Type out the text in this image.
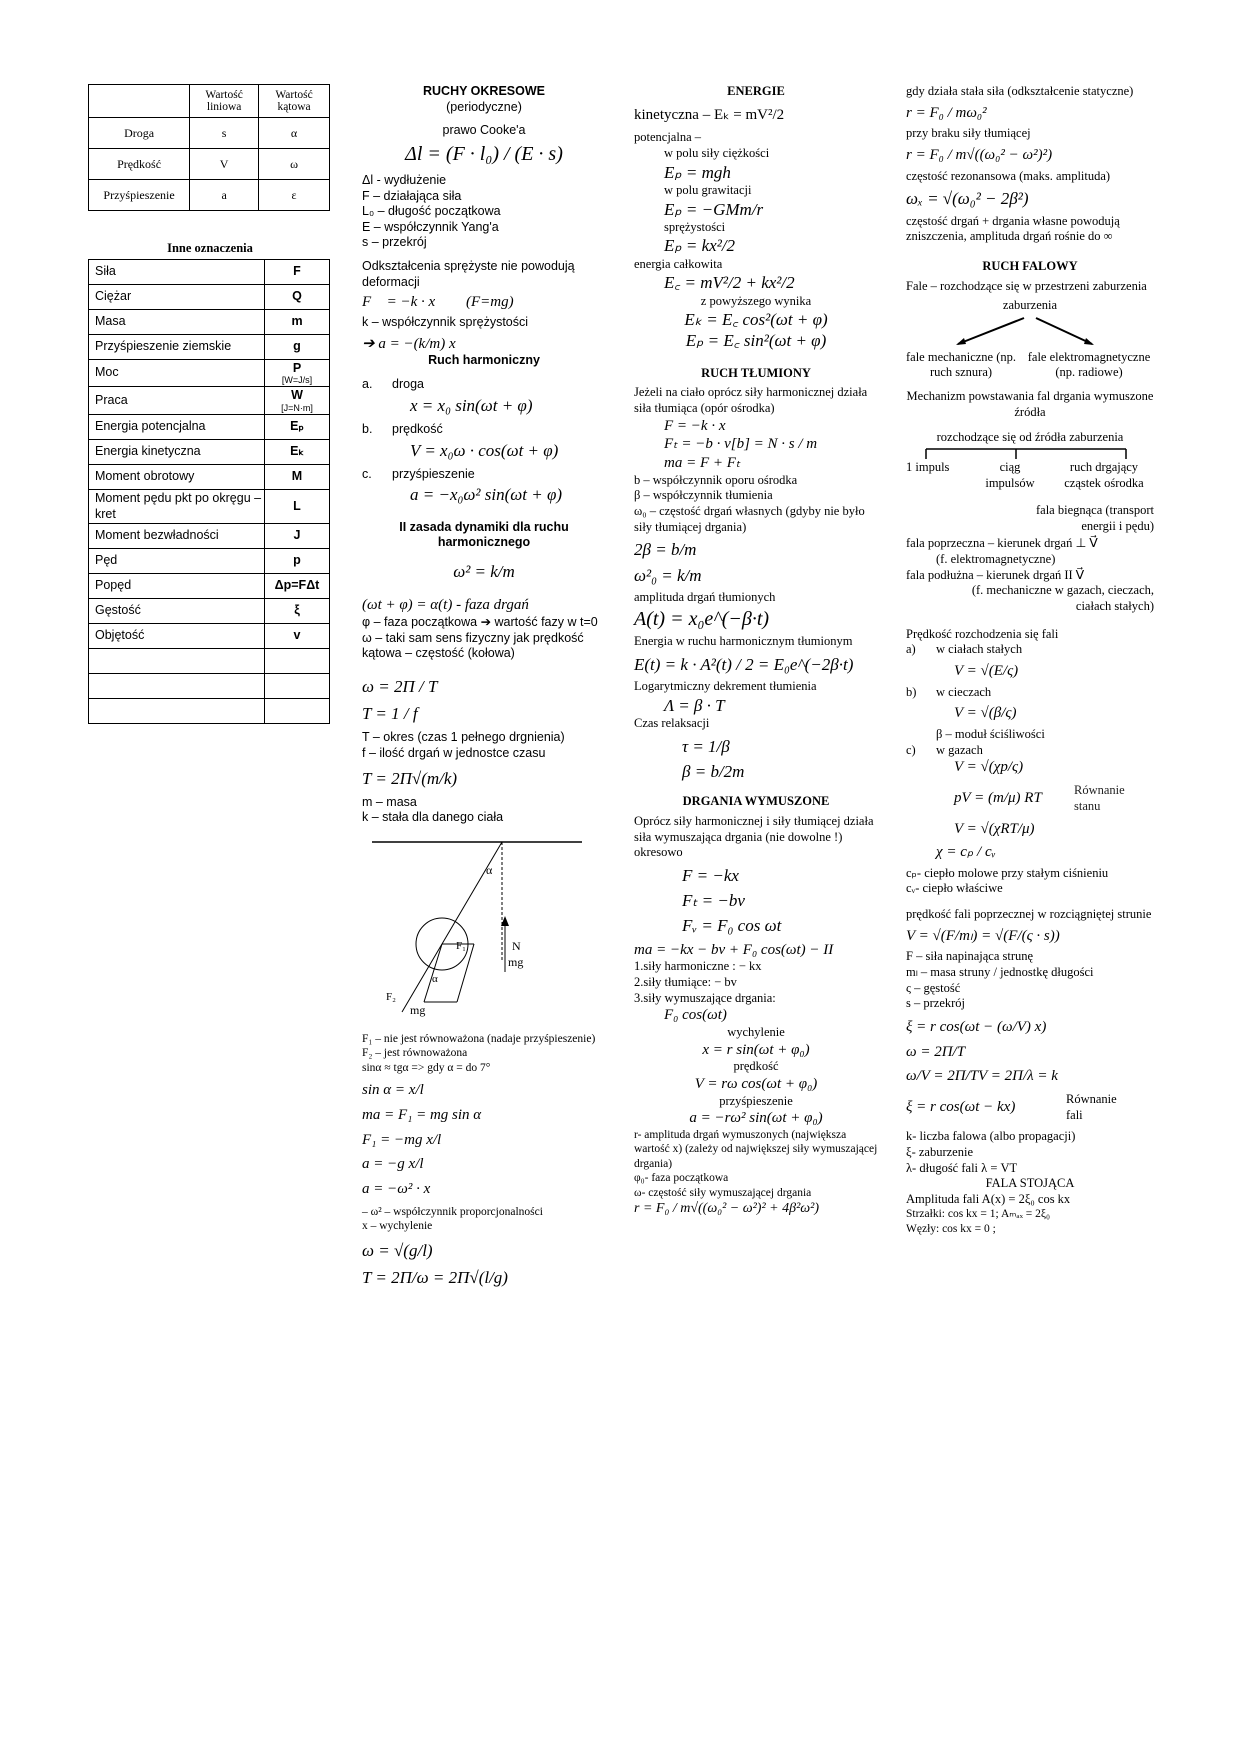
	Wartość liniowa	Wartość kątowa
Droga	s	α
Prędkość	V	ω
Przyśpieszenie	a	ε
Inne oznaczenia
Siła	F
Ciężar	Q
Masa	m
Przyśpieszenie ziemskie	g
Moc	P
[W=J/s]

Praca	W
[J=N·m]

Energia potencjalna	Eₚ
Energia kinetyczna	Eₖ
Moment obrotowy	M
Moment pędu pkt po okręgu – kret	L
Moment bezwładności	J
Pęd	p
Popęd	Δp=FΔt
Gęstość	ξ
Objętość	v

RUCHY OKRESOWE
(periodyczne)
prawo Cooke'a
Δl = (F · l₀) / (E · s)
Δl - wydłużenie
F – działająca siła
L₀ – długość początkowa
E – współczynnik Yang'a
s – przekrój
Odkształcenia sprężyste nie powodują deformacji
F⃗ = −k · x⃗ ➔ (F=mg)
k – współczynnik sprężystości
➔ a = −(k/m) x
Ruch harmoniczny
a. droga
x = x₀ sin(ωt + φ)
b. prędkość
V = x₀ω · cos(ωt + φ)
c. przyśpieszenie
a = −x₀ω² sin(ωt + φ)
II zasada dynamiki dla ruchu harmonicznego
ω² = k/m
(ωt + φ) = α(t) - faza drgań
φ – faza początkowa ➔ wartość fazy w t=0
ω – taki sam sens fizyczny jak prędkość kątowa – częstość (kołowa)
ω = 2Π / T
T = 1 / f
T – okres (czas 1 pełnego drgnienia)
f – ilość drgań w jednostce czasu
T = 2Π√(m/k)
m – masa
k – stała dla danego ciała
α
F₁	N
mg
α
F₂
mg
F₁ – nie jest równoważona (nadaje przyśpieszenie)
F₂ – jest równoważona
sinα ≈ tgα => gdy α = do 7°
sin α = x/l
ma = F₁ = mg sin α
F₁ = −mg x/l
a = −g x/l
a = −ω² · x
– ω² – współczynnik proporcjonalności
x – wychylenie
ω = √(g/l)
T = 2Π/ω = 2Π√(l/g)
ENERGIE
kinetyczna – Eₖ = mV²/2
potencjalna –
w polu siły ciężkości
Eₚ = mgh
w polu grawitacji
Eₚ = −GMm/r
sprężystości
Eₚ = kx²/2
energia całkowita
E꜀ = mV²/2 + kx²/2
z powyższego wynika
Eₖ = E꜀ cos²(ωt + φ)
Eₚ = E꜀ sin²(ωt + φ)
RUCH TŁUMIONY
Jeżeli na ciało oprócz siły harmonicznej działa siła tłumiąca (opór ośrodka)
F = −k · x
Fₜ = −b · v[b] = N · s / m
ma = F + Fₜ
b – współczynnik oporu ośrodka
β – współczynnik tłumienia
ω₀ – częstość drgań własnych (gdyby nie było siły tłumiącej drgania)
2β = b/m
ω²₀ = k/m
amplituda drgań tłumionych
A(t) = x₀e^(−β·t)
Energia w ruchu harmonicznym tłumionym
E(t) = k · A²(t) / 2 = E₀e^(−2β·t)
Logarytmiczny dekrement tłumienia
Λ = β · T
Czas relaksacji
τ = 1/β
β = b/2m
DRGANIA WYMUSZONE
Oprócz siły harmonicznej i siły tłumiącej działa siła wymuszająca drgania (nie dowolne !) okresowo
F = −kx
Fₜ = −bv
Fᵥ = F₀ cos ωt
ma = −kx − bv + F₀ cos(ωt) − II
1.siły harmoniczne : − kx
2.siły tłumiące: − bv
3.siły wymuszające drgania:
F₀ cos(ωt)
wychylenie
x = r sin(ωt + φ₀)
prędkość
V = rω cos(ωt + φ₀)
przyśpieszenie
a = −rω² sin(ωt + φ₀)
r- amplituda drgań wymuszonych (największa wartość x) (zależy od największej siły wymuszającej drgania)
φ₀- faza początkowa
ω- częstość siły wymuszającej drgania
r = F₀ / m√((ω₀² − ω²)² + 4β²ω²)
gdy działa stała siła (odkształcenie statyczne)
r = F₀ / mω₀²
przy braku siły tłumiącej
r = F₀ / m√((ω₀² − ω²)²)
częstość rezonansowa (maks. amplituda)
ωₓ = √(ω₀² − 2β²)
częstość drgań + drgania własne powodują zniszczenia, amplituda drgań rośnie do ∞
RUCH FALOWY
Fale – rozchodzące się w przestrzeni zaburzenia
zaburzenia
fale mechaniczne (np. ruch sznura)
fale elektromagnetyczne (np. radiowe)
Mechanizm powstawania fal drgania wymuszone źródła
rozchodzące się od źródła zaburzenia
1 impuls	ciąg impulsów
ruch drgający cząstek ośrodka
fala biegnąca (transport energii i pędu)
fala poprzeczna – kierunek drgań ⊥ V⃗
(f. elektromagnetyczne)
fala podłużna – kierunek drgań II V⃗
(f. mechaniczne w gazach, cieczach, ciałach stałych)
Prędkość rozchodzenia się fali
a) w ciałach stałych
V = √(E/ς)
b) w cieczach
V = √(β/ς)
β – moduł ściśliwości
c) w gazach
V = √(χp/ς)
pV = (m/μ) RT
Równanie stanu
V = √(χRT/μ)
χ = cₚ / cᵥ
cₚ- ciepło molowe przy stałym ciśnieniu
cᵥ- ciepło właściwe
prędkość fali poprzecznej w rozciągniętej strunie
V = √(F/mₗ) = √(F/(ς · s))
F – siła napinająca strunę
mₗ – masa struny / jednostkę długości
ς – gęstość
s – przekrój
ξ = r cos(ωt − (ω/V) x)
ω = 2Π/T
ω/V = 2Π/TV = 2Π/λ = k
ξ = r cos(ωt − kx)
Równanie fali
k- liczba falowa (albo propagacji)
ξ- zaburzenie
λ- długość fali λ = VT
FALA STOJĄCA
Amplituda fali A(x) = 2ξ₀ cos kx
Strzałki: cos kx = 1; Aₘₐₓ = 2ξ₀
Węzły: cos kx = 0 ;
